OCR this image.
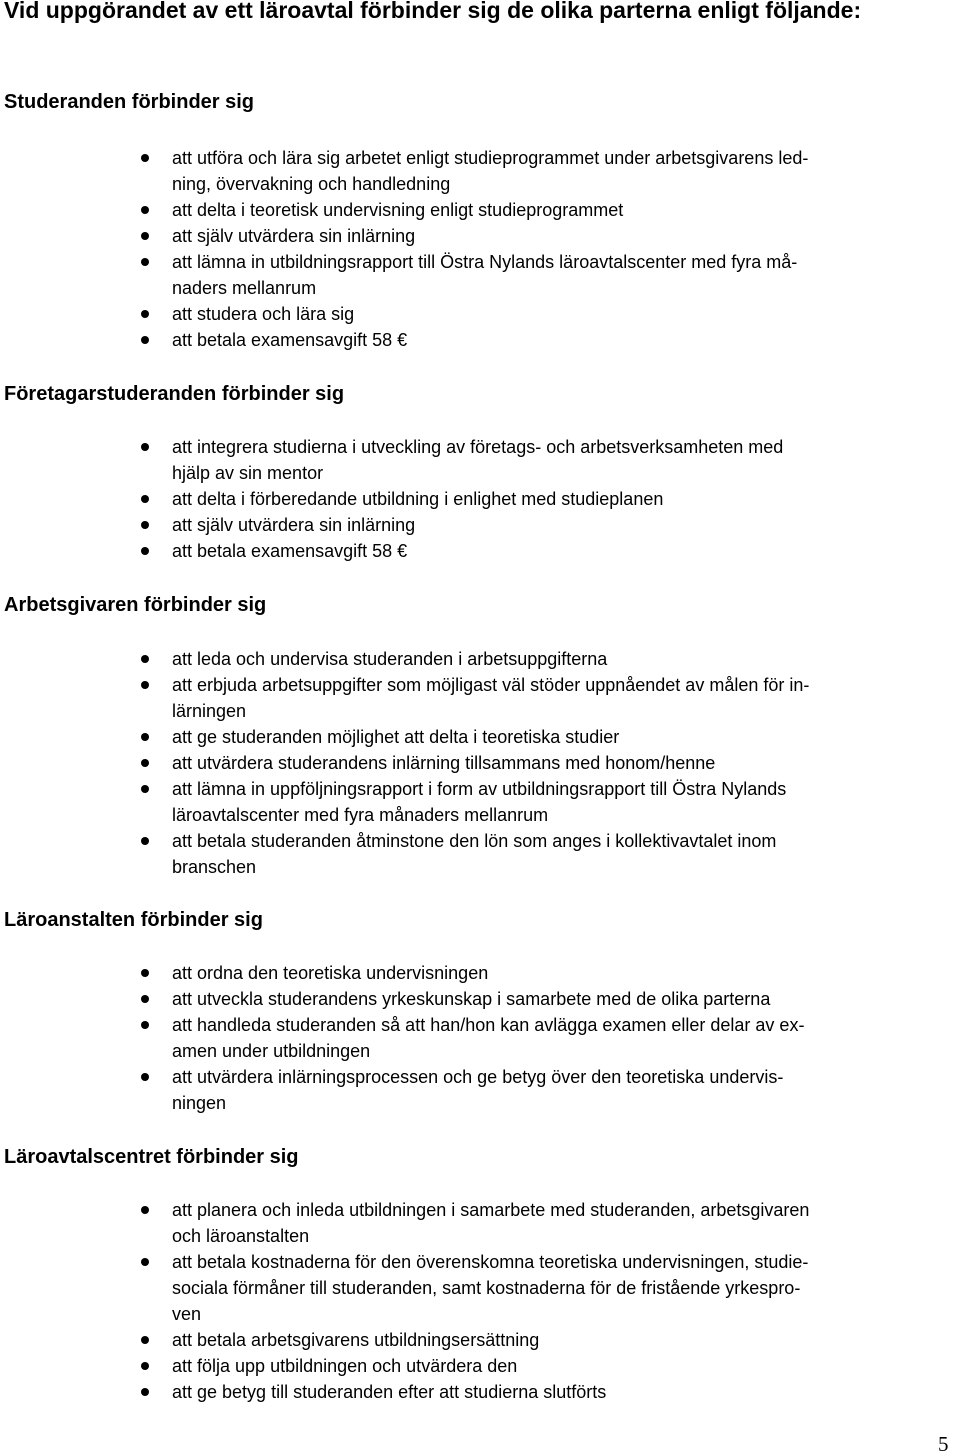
Vid uppgörandet av ett läroavtal förbinder sig de olika parterna enligt följande:
Studeranden förbinder sig
att utföra och lära sig arbetet enligt studieprogrammet under arbetsgivarens led-
ning, övervakning och handledning
att delta i teoretisk undervisning enligt studieprogrammet
att själv utvärdera sin inlärning
att lämna in utbildningsrapport till Östra Nylands läroavtalscenter med fyra må-
naders mellanrum
att studera och lära sig
att betala examensavgift 58 €
Företagarstuderanden förbinder sig
att integrera studierna i utveckling av företags- och arbetsverksamheten med
hjälp av sin mentor
att delta i förberedande utbildning i enlighet med studieplanen
att själv utvärdera sin inlärning
att betala examensavgift 58 €
Arbetsgivaren förbinder sig
att leda och undervisa studeranden i arbetsuppgifterna
att erbjuda arbetsuppgifter som möjligast väl stöder uppnåendet av målen för in-
lärningen
att ge studeranden möjlighet att delta i teoretiska studier
att utvärdera studerandens inlärning tillsammans med honom/henne
att lämna in uppföljningsrapport i form av utbildningsrapport till Östra Nylands
läroavtalscenter med fyra månaders mellanrum
att betala studeranden åtminstone den lön som anges i kollektivavtalet inom
branschen
Läroanstalten förbinder sig
att ordna den teoretiska undervisningen
att utveckla studerandens yrkeskunskap i samarbete med de olika parterna
att handleda studeranden så att han/hon kan avlägga examen eller delar av ex-
amen under utbildningen
att utvärdera inlärningsprocessen och ge betyg över den teoretiska undervis-
ningen
Läroavtalscentret förbinder sig
att planera och inleda utbildningen i samarbete med studeranden, arbetsgivaren
och läroanstalten
att betala kostnaderna för den överenskomna teoretiska undervisningen, studie-
sociala förmåner till studeranden, samt kostnaderna för de fristående yrkespro-
ven
att betala arbetsgivarens utbildningsersättning
att följa upp utbildningen och utvärdera den
att ge betyg till studeranden efter att studierna slutförts
5
